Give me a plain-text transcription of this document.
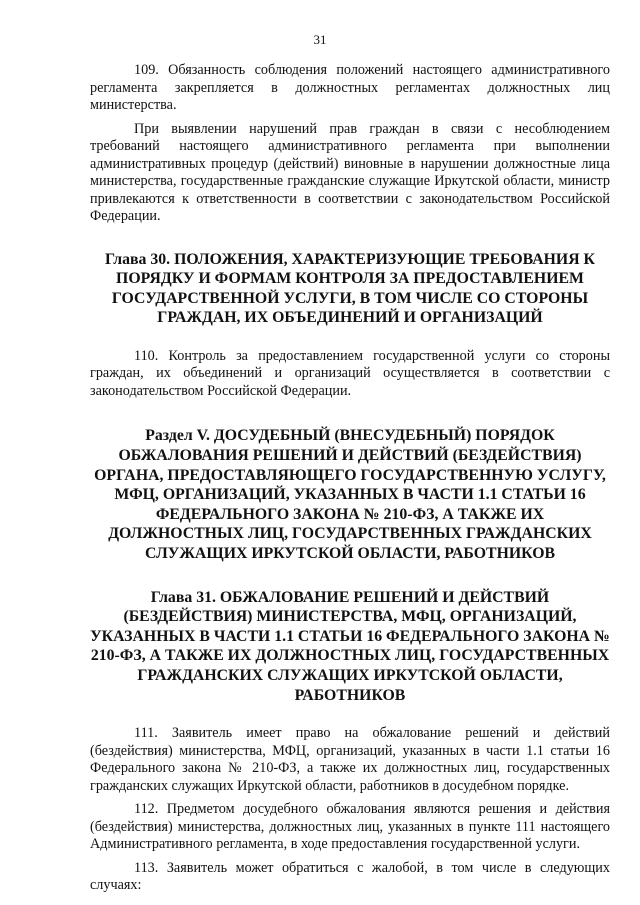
31

109. Обязанность соблюдения положений настоящего административного регламента закрепляется в должностных регламентах должностных лиц министерства.

При выявлении нарушений прав граждан в связи с несоблюдением требований настоящего административного регламента при выполнении административных процедур (действий) виновные в нарушении должностные лица министерства, государственные гражданские служащие Иркутской области, министр привлекаются к ответственности в соответствии с законодательством Российской Федерации.

Глава 30. ПОЛОЖЕНИЯ, ХАРАКТЕРИЗУЮЩИЕ ТРЕБОВАНИЯ К ПОРЯДКУ И ФОРМАМ КОНТРОЛЯ ЗА ПРЕДОСТАВЛЕНИЕМ ГОСУДАРСТВЕННОЙ УСЛУГИ, В ТОМ ЧИСЛЕ СО СТОРОНЫ ГРАЖДАН, ИХ ОБЪЕДИНЕНИЙ И ОРГАНИЗАЦИЙ

110. Контроль за предоставлением государственной услуги со стороны граждан, их объединений и организаций осуществляется в соответствии с законодательством Российской Федерации.

Раздел V. ДОСУДЕБНЫЙ (ВНЕСУДЕБНЫЙ) ПОРЯДОК ОБЖАЛОВАНИЯ РЕШЕНИЙ И ДЕЙСТВИЙ (БЕЗДЕЙСТВИЯ) ОРГАНА, ПРЕДОСТАВЛЯЮЩЕГО ГОСУДАРСТВЕННУЮ УСЛУГУ, МФЦ, ОРГАНИЗАЦИЙ, УКАЗАННЫХ В ЧАСТИ 1.1 СТАТЬИ 16 ФЕДЕРАЛЬНОГО ЗАКОНА № 210-ФЗ, А ТАКЖЕ ИХ ДОЛЖНОСТНЫХ ЛИЦ, ГОСУДАРСТВЕННЫХ ГРАЖДАНСКИХ СЛУЖАЩИХ ИРКУТСКОЙ ОБЛАСТИ, РАБОТНИКОВ
Глава 31. ОБЖАЛОВАНИЕ РЕШЕНИЙ И ДЕЙСТВИЙ (БЕЗДЕЙСТВИЯ) МИНИСТЕРСТВА, МФЦ, ОРГАНИЗАЦИЙ, УКАЗАННЫХ В ЧАСТИ 1.1 СТАТЬИ 16 ФЕДЕРАЛЬНОГО ЗАКОНА № 210-ФЗ, А ТАКЖЕ ИХ ДОЛЖНОСТНЫХ ЛИЦ, ГОСУДАРСТВЕННЫХ ГРАЖДАНСКИХ СЛУЖАЩИХ ИРКУТСКОЙ ОБЛАСТИ, РАБОТНИКОВ

111. Заявитель имеет право на обжалование решений и действий (бездействия) министерства, МФЦ, организаций, указанных в части 1.1 статьи 16 Федерального закона № 210-ФЗ, а также их должностных лиц, государственных гражданских служащих Иркутской области, работников в досудебном порядке.

112. Предметом досудебного обжалования являются решения и действия (бездействия) министерства, должностных лиц, указанных в пункте 111 настоящего Административного регламента, в ходе предоставления государственной услуги.

113. Заявитель может обратиться с жалобой, в том числе в следующих случаях:
